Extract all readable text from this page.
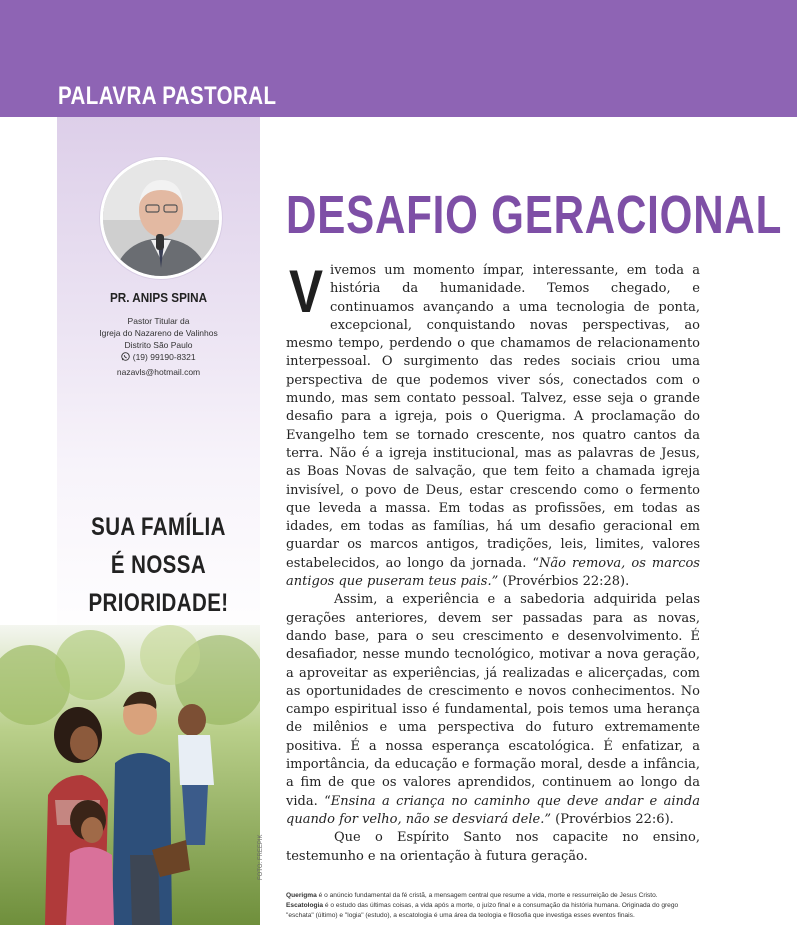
PALAVRA PASTORAL
PR. ANIPS SPINA
Pastor Titular da
Igreja do Nazareno de Valinhos
Distrito São Paulo
(19) 99190-8321
nazavls@hotmail.com
SUA FAMÍLIA
É NOSSA
PRIORIDADE!
FOTO: FREEPIK
DESAFIO GERACIONAL

Vivemos um momento ímpar, interessante, em toda a história da humanidade. Temos chegado, e continuamos avançando a uma tecnologia de ponta, excepcional, conquistando novas perspectivas, ao mesmo tempo, perdendo o que chamamos de relacionamento interpessoal. O surgimento das redes sociais criou uma perspectiva de que podemos viver sós, conectados com o mundo, mas sem contato pessoal. Talvez, esse seja o grande desafio para a igreja, pois o Querigma. A proclamação do Evangelho tem se tornado crescente, nos quatro cantos da terra. Não é a igreja institucional, mas as palavras de Jesus, as Boas Novas de salvação, que tem feito a chamada igreja invisível, o povo de Deus, estar crescendo como o fermento que leveda a massa. Em todas as profissões, em todas as idades, em todas as famílias, há um desafio geracional em guardar os marcos antigos, tradições, leis, limites, valores estabelecidos, ao longo da jornada. “Não remova, os marcos antigos que puseram teus pais.” (Provérbios 22:28).

Assim, a experiência e a sabedoria adquirida pelas gerações anteriores, devem ser passadas para as novas, dando base, para o seu crescimento e desenvolvimento. É desafiador, nesse mundo tecnológico, motivar a nova geração, a aproveitar as experiências, já realizadas e alicerçadas, com as oportunidades de crescimento e novos conhecimentos. No campo espiritual isso é fundamental, pois temos uma herança de milênios e uma perspectiva do futuro extremamente positiva. É a nossa esperança escatológica. É enfatizar, a importância, da educação e formação moral, desde a infância, a fim de que os valores aprendidos, continuem ao longo da vida. “Ensina a criança no caminho que deve andar e ainda quando for velho, não se desviará dele.” (Provérbios 22:6).

Que o Espírito Santo nos capacite no ensino, testemunho e na orientação à futura geração.

Querigma é o anúncio fundamental da fé cristã, a mensagem central que resume a vida, morte e ressurreição de Jesus Cristo.
Escatologia é o estudo das últimas coisas, a vida após a morte, o juízo final e a consumação da história humana. Originada do grego "eschata" (último) e "logia" (estudo), a escatologia é uma área da teologia e filosofia que investiga esses eventos finais.
